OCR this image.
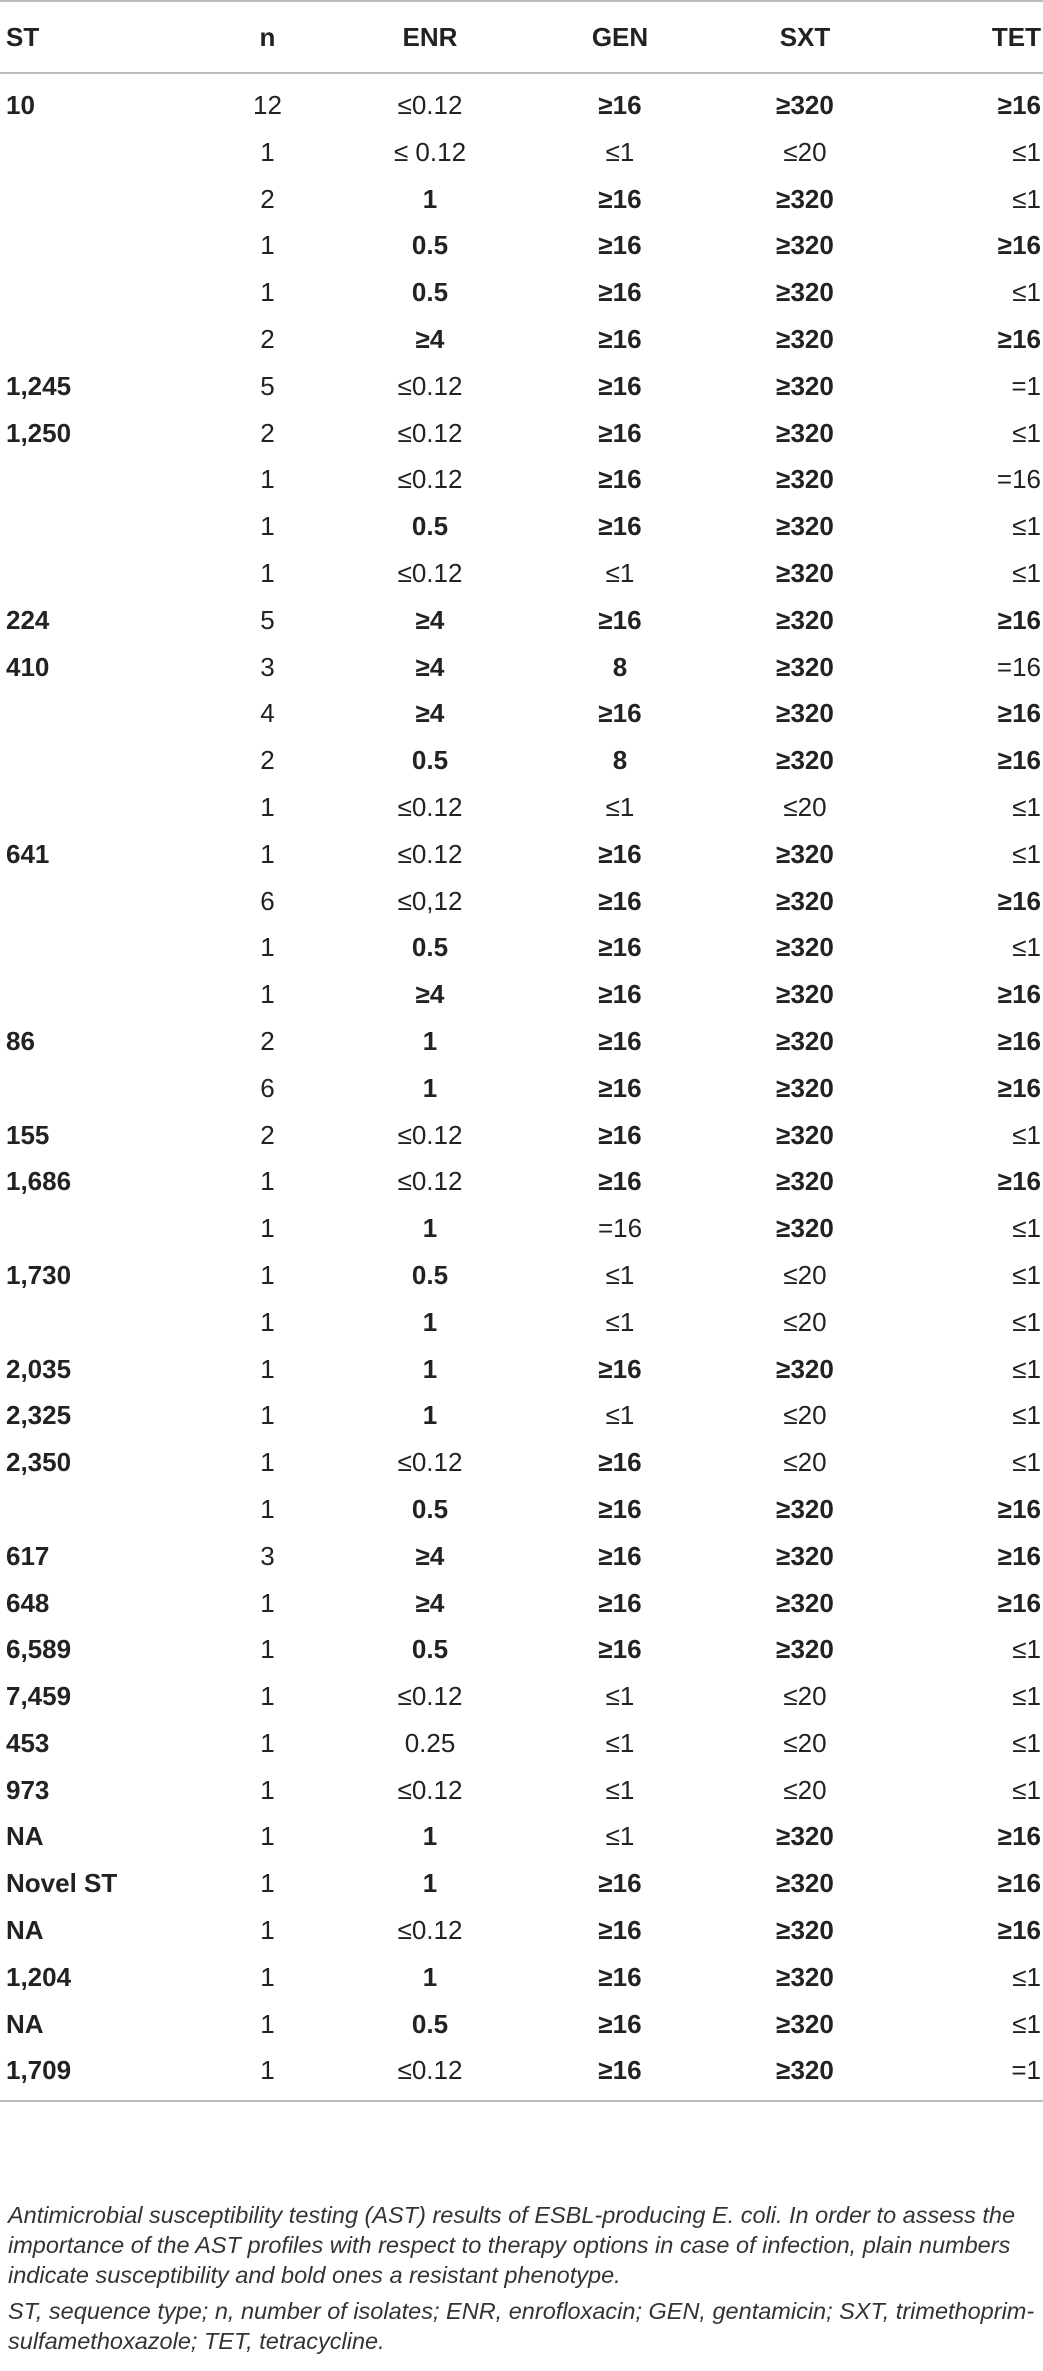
ST	n	ENR	GEN	SXT	TET
10	12	≤0.12	≥16	≥320	≥16
	1	≤ 0.12	≤1	≤20	≤1
	2	1	≥16	≥320	≤1
	1	0.5	≥16	≥320	≥16
	1	0.5	≥16	≥320	≤1
	2	≥4	≥16	≥320	≥16
1,245	5	≤0.12	≥16	≥320	=1
1,250	2	≤0.12	≥16	≥320	≤1
	1	≤0.12	≥16	≥320	=16
	1	0.5	≥16	≥320	≤1
	1	≤0.12	≤1	≥320	≤1
224	5	≥4	≥16	≥320	≥16
410	3	≥4	8	≥320	=16
	4	≥4	≥16	≥320	≥16
	2	0.5	8	≥320	≥16
	1	≤0.12	≤1	≤20	≤1
641	1	≤0.12	≥16	≥320	≤1
	6	≤0,12	≥16	≥320	≥16
	1	0.5	≥16	≥320	≤1
	1	≥4	≥16	≥320	≥16
86	2	1	≥16	≥320	≥16
	6	1	≥16	≥320	≥16
155	2	≤0.12	≥16	≥320	≤1
1,686	1	≤0.12	≥16	≥320	≥16
	1	1	=16	≥320	≤1
1,730	1	0.5	≤1	≤20	≤1
	1	1	≤1	≤20	≤1
2,035	1	1	≥16	≥320	≤1
2,325	1	1	≤1	≤20	≤1
2,350	1	≤0.12	≥16	≤20	≤1
	1	0.5	≥16	≥320	≥16
617	3	≥4	≥16	≥320	≥16
648	1	≥4	≥16	≥320	≥16
6,589	1	0.5	≥16	≥320	≤1
7,459	1	≤0.12	≤1	≤20	≤1
453	1	0.25	≤1	≤20	≤1
973	1	≤0.12	≤1	≤20	≤1
NA	1	1	≤1	≥320	≥16
Novel ST	1	1	≥16	≥320	≥16
NA	1	≤0.12	≥16	≥320	≥16
1,204	1	1	≥16	≥320	≤1
NA	1	0.5	≥16	≥320	≤1
1,709	1	≤0.12	≥16	≥320	=1

Antimicrobial susceptibility testing (AST) results of ESBL-producing E. coli. In order to assess the importance of the AST profiles with respect to therapy options in case of infection, plain numbers indicate susceptibility and bold ones a resistant phenotype.

ST, sequence type; n, number of isolates; ENR, enrofloxacin; GEN, gentamicin; SXT, trimethoprim-sulfamethoxazole; TET, tetracycline.
